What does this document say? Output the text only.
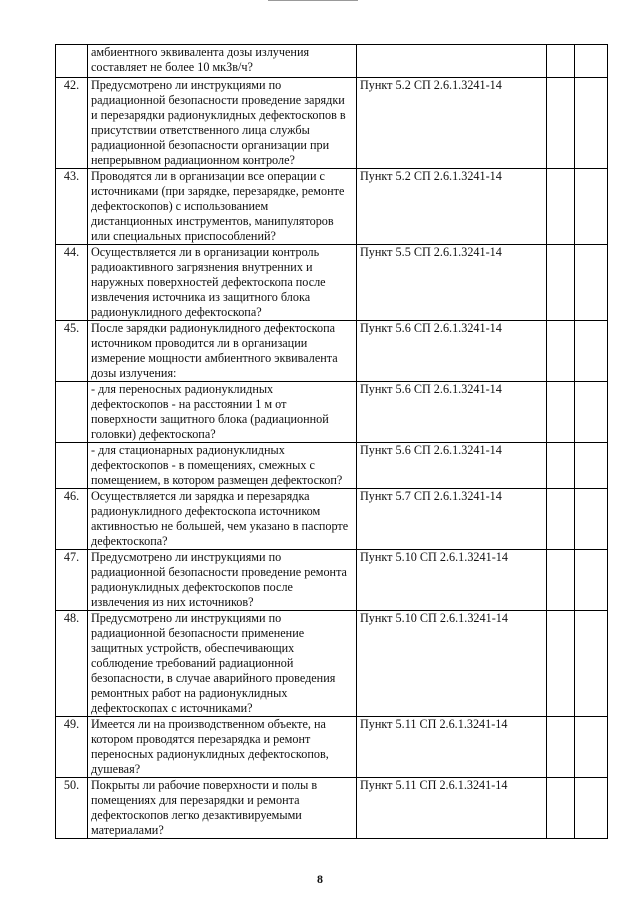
	амбиентного эквивалента дозы излучения составляет не более 10 мкЗв/ч?			
42.	Предусмотрено ли инструкциями по радиационной безопасности проведение зарядки и перезарядки радионуклидных дефектоскопов в присутствии ответственного лица службы радиационной безопасности организации при непрерывном радиационном контроле?	Пункт 5.2 СП 2.6.1.3241-14		
43.	Проводятся ли в организации все операции с источниками (при зарядке, перезарядке, ремонте дефектоскопов) с использованием дистанционных инструментов, манипуляторов или специальных приспособлений?	Пункт 5.2 СП 2.6.1.3241-14		
44.	Осуществляется ли в организации контроль радиоактивного загрязнения внутренних и наружных поверхностей дефектоскопа после извлечения источника из защитного блока радионуклидного дефектоскопа?	Пункт 5.5 СП 2.6.1.3241-14		
45.	После зарядки радионуклидного дефектоскопа источником проводится ли в организации измерение мощности амбиентного эквивалента дозы излучения:	Пункт 5.6 СП 2.6.1.3241-14		
	- для переносных радионуклидных дефектоскопов - на расстоянии 1 м от поверхности защитного блока (радиационной головки) дефектоскопа?	Пункт 5.6 СП 2.6.1.3241-14		
	- для стационарных радионуклидных дефектоскопов - в помещениях, смежных с помещением, в котором размещен дефектоскоп?	Пункт 5.6 СП 2.6.1.3241-14		
46.	Осуществляется ли зарядка и перезарядка радионуклидного дефектоскопа источником активностью не большей, чем указано в паспорте дефектоскопа?	Пункт 5.7 СП 2.6.1.3241-14		
47.	Предусмотрено ли инструкциями по радиационной безопасности проведение ремонта радионуклидных дефектоскопов после извлечения из них источников?	Пункт 5.10 СП 2.6.1.3241-14		
48.	Предусмотрено ли инструкциями по радиационной безопасности применение защитных устройств, обеспечивающих соблюдение требований радиационной безопасности, в случае аварийного проведения ремонтных работ на радионуклидных дефектоскопах с источниками?	Пункт 5.10 СП 2.6.1.3241-14		
49.	Имеется ли на производственном объекте, на котором проводятся перезарядка и ремонт переносных радионуклидных дефектоскопов, душевая?	Пункт 5.11 СП 2.6.1.3241-14		
50.	Покрыты ли рабочие поверхности и полы в помещениях для перезарядки и ремонта дефектоскопов легко дезактивируемыми материалами?	Пункт 5.11 СП 2.6.1.3241-14		
8
